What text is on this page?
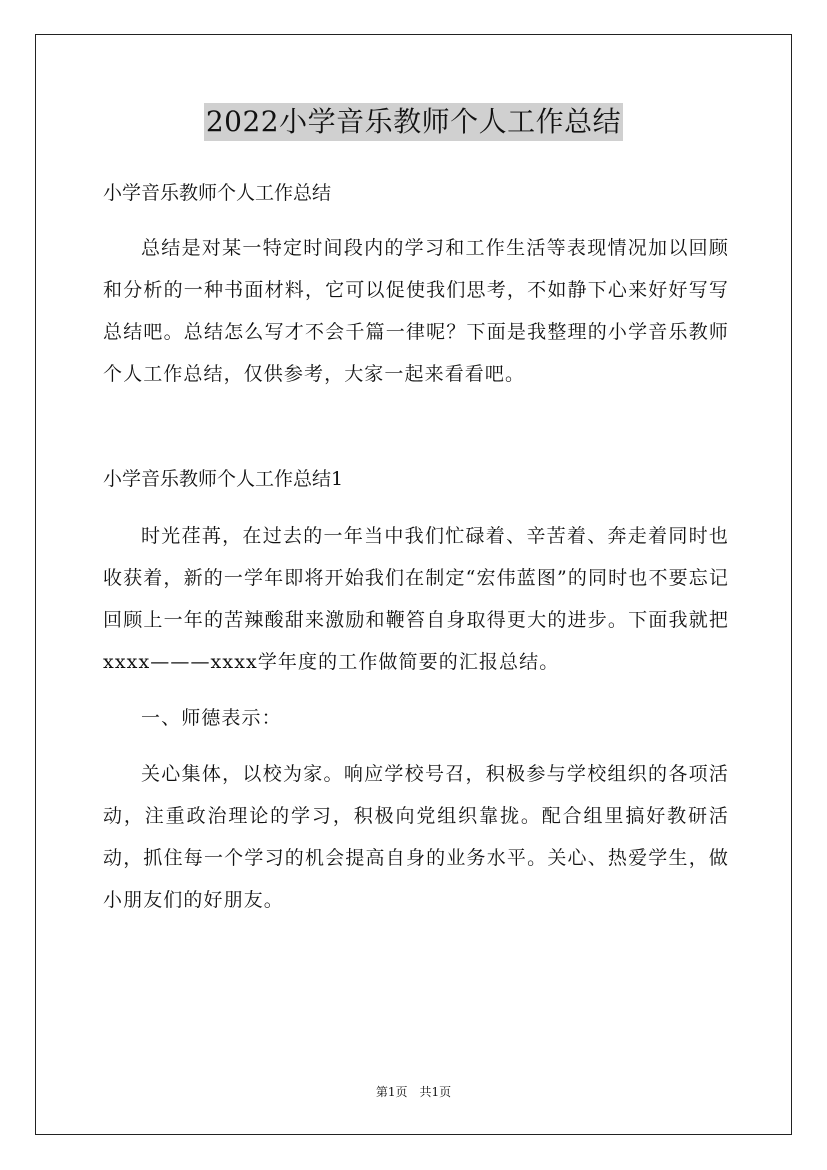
2022小学音乐教师个人工作总结

小学音乐教师个人工作总结

总结是对某一特定时间段内的学习和工作生活等表现情况加以回顾和分析的一种书面材料，它可以促使我们思考，不如静下心来好好写写总结吧。总结怎么写才不会千篇一律呢？下面是我整理的小学音乐教师个人工作总结，仅供参考，大家一起来看看吧。

小学音乐教师个人工作总结1

时光荏苒，在过去的一年当中我们忙碌着、辛苦着、奔走着同时也收获着，新的一学年即将开始我们在制定“宏伟蓝图”的同时也不要忘记回顾上一年的苦辣酸甜来激励和鞭笞自身取得更大的进步。下面我就把xxxx———xxxx学年度的工作做简要的汇报总结。

一、师德表示：

关心集体，以校为家。响应学校号召，积极参与学校组织的各项活动，注重政治理论的学习，积极向党组织靠拢。配合组里搞好教研活动，抓住每一个学习的机会提高自身的业务水平。关心、热爱学生，做小朋友们的好朋友。

第1页　共1页
